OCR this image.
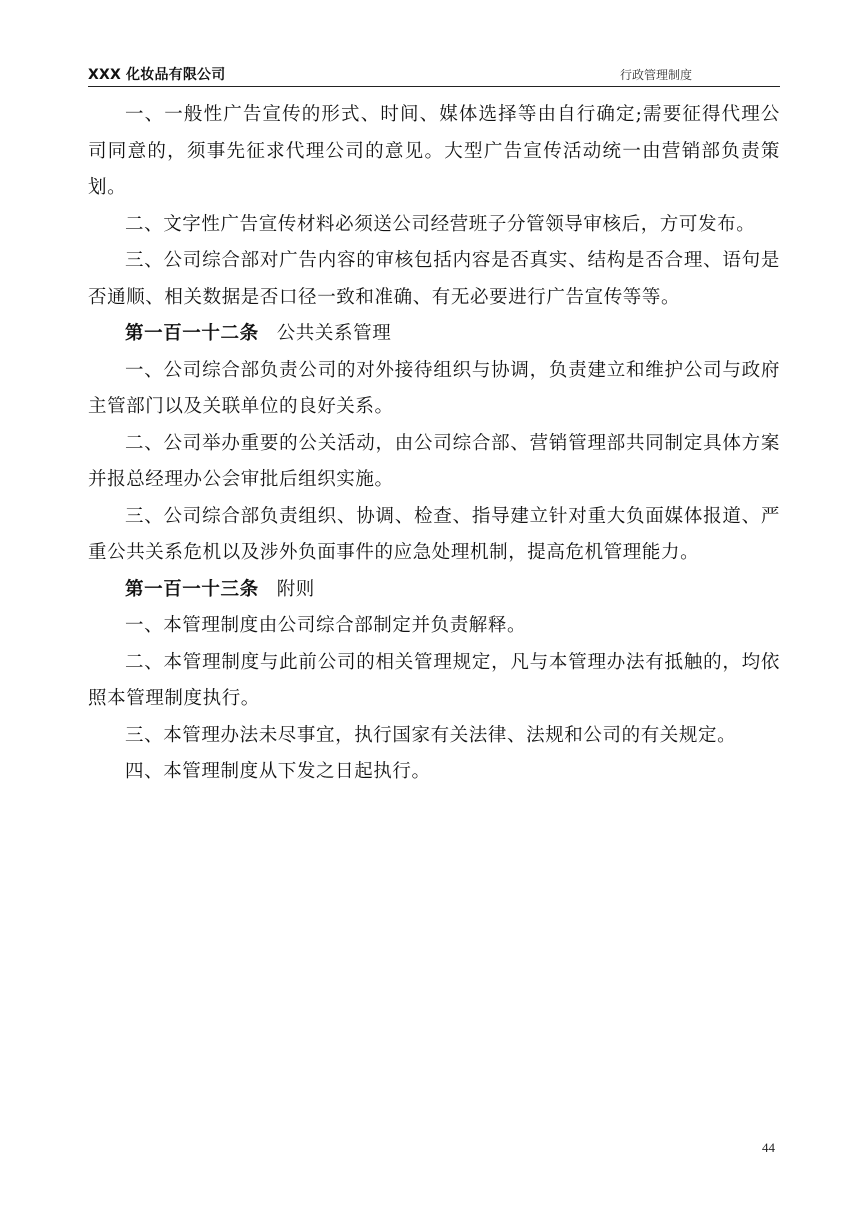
XXX 化妆品有限公司	行政管理制度

一、一般性广告宣传的形式、时间、媒体选择等由自行确定;需要征得代理公司同意的，须事先征求代理公司的意见。大型广告宣传活动统一由营销部负责策划。

二、文字性广告宣传材料必须送公司经营班子分管领导审核后，方可发布。

三、公司综合部对广告内容的审核包括内容是否真实、结构是否合理、语句是否通顺、相关数据是否口径一致和准确、有无必要进行广告宣传等等。

第一百一十二条 公共关系管理

一、公司综合部负责公司的对外接待组织与协调，负责建立和维护公司与政府主管部门以及关联单位的良好关系。

二、公司举办重要的公关活动，由公司综合部、营销管理部共同制定具体方案并报总经理办公会审批后组织实施。

三、公司综合部负责组织、协调、检查、指导建立针对重大负面媒体报道、严重公共关系危机以及涉外负面事件的应急处理机制，提高危机管理能力。

第一百一十三条 附则

一、本管理制度由公司综合部制定并负责解释。

二、本管理制度与此前公司的相关管理规定，凡与本管理办法有抵触的，均依照本管理制度执行。

三、本管理办法未尽事宜，执行国家有关法律、法规和公司的有关规定。

四、本管理制度从下发之日起执行。

44
